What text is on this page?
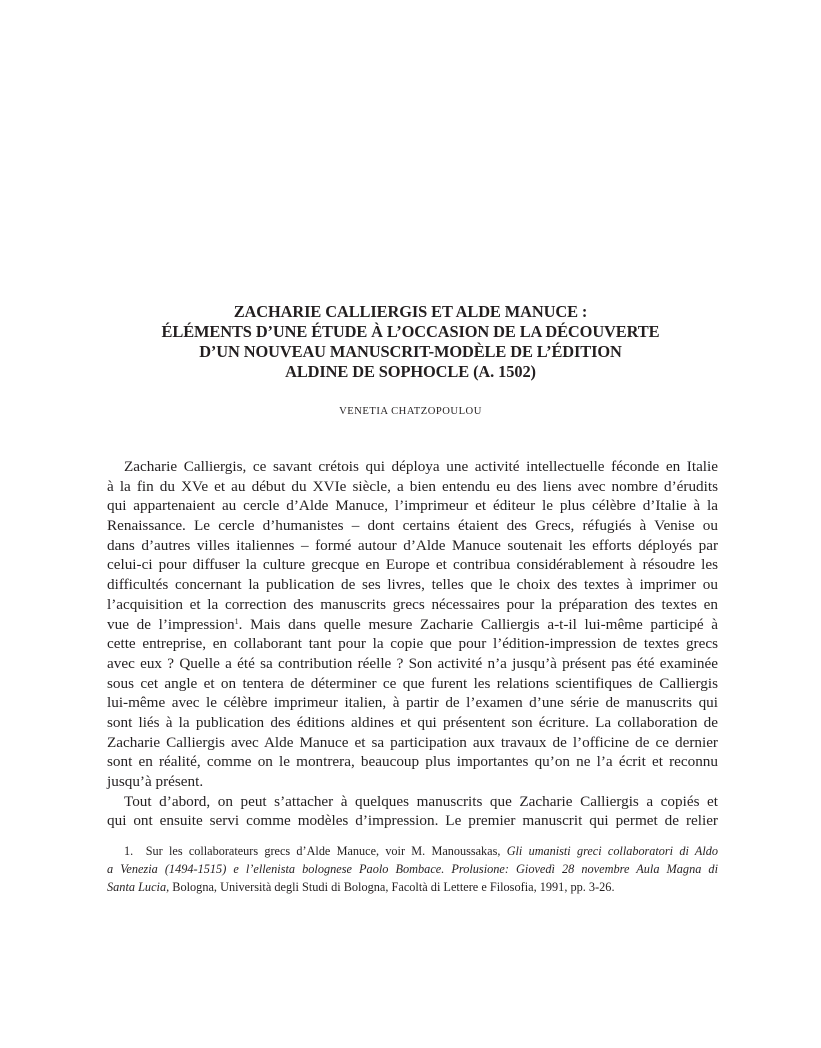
ZACHARIE CALLIERGIS ET ALDE MANUCE :
ÉLÉMENTS D’UNE ÉTUDE À L’OCCASION DE LA DÉCOUVERTE
D’UN NOUVEAU MANUSCRIT-MODÈLE DE L’ÉDITION
ALDINE DE SOPHOCLE (A. 1502)
VENETIA CHATZOPOULOU
Zacharie Calliergis, ce savant crétois qui déploya une activité intellectuelle féconde en Italie
à la fin du XVe et au début du XVIe siècle, a bien entendu eu des liens avec nombre d’érudits
qui appartenaient au cercle d’Alde Manuce, l’imprimeur et éditeur le plus célèbre d’Italie à la
Renaissance. Le cercle d’humanistes – dont certains étaient des Grecs, réfugiés à Venise ou
dans d’autres villes italiennes – formé autour d’Alde Manuce soutenait les efforts déployés par
celui-ci pour diffuser la culture grecque en Europe et contribua considérablement à résoudre les
difficultés concernant la publication de ses livres, telles que le choix des textes à imprimer ou
l’acquisition et la correction des manuscrits grecs nécessaires pour la préparation des textes en
vue de l’impression$^1$. Mais dans quelle mesure Zacharie Calliergis a-t-il lui-même participé à
cette entreprise, en collaborant tant pour la copie que pour l’édition-impression de textes grecs
avec eux ? Quelle a été sa contribution réelle ? Son activité n’a jusqu’à présent pas été examinée
sous cet angle et on tentera de déterminer ce que furent les relations scientifiques de Calliergis
lui-même avec le célèbre imprimeur italien, à partir de l’examen d’une série de manuscrits qui
sont liés à la publication des éditions aldines et qui présentent son écriture. La collaboration de
Zacharie Calliergis avec Alde Manuce et sa participation aux travaux de l’officine de ce dernier
sont en réalité, comme on le montrera, beaucoup plus importantes qu’on ne l’a écrit et reconnu
jusqu’à présent.
Tout d’abord, on peut s’attacher à quelques manuscrits que Zacharie Calliergis a copiés et
qui ont ensuite servi comme modèles d’impression. Le premier manuscrit qui permet de relier
1. Sur les collaborateurs grecs d’Alde Manuce, voir M. Manoussakas, Gli umanisti greci collaboratori di Aldo
a Venezia (1494-1515) e l’ellenista bolognese Paolo Bombace. Prolusione: Giovedì 28 novembre Aula Magna di
Santa Lucia, Bologna, Università degli Studi di Bologna, Facoltà di Lettere e Filosofia, 1991, pp. 3-26.
